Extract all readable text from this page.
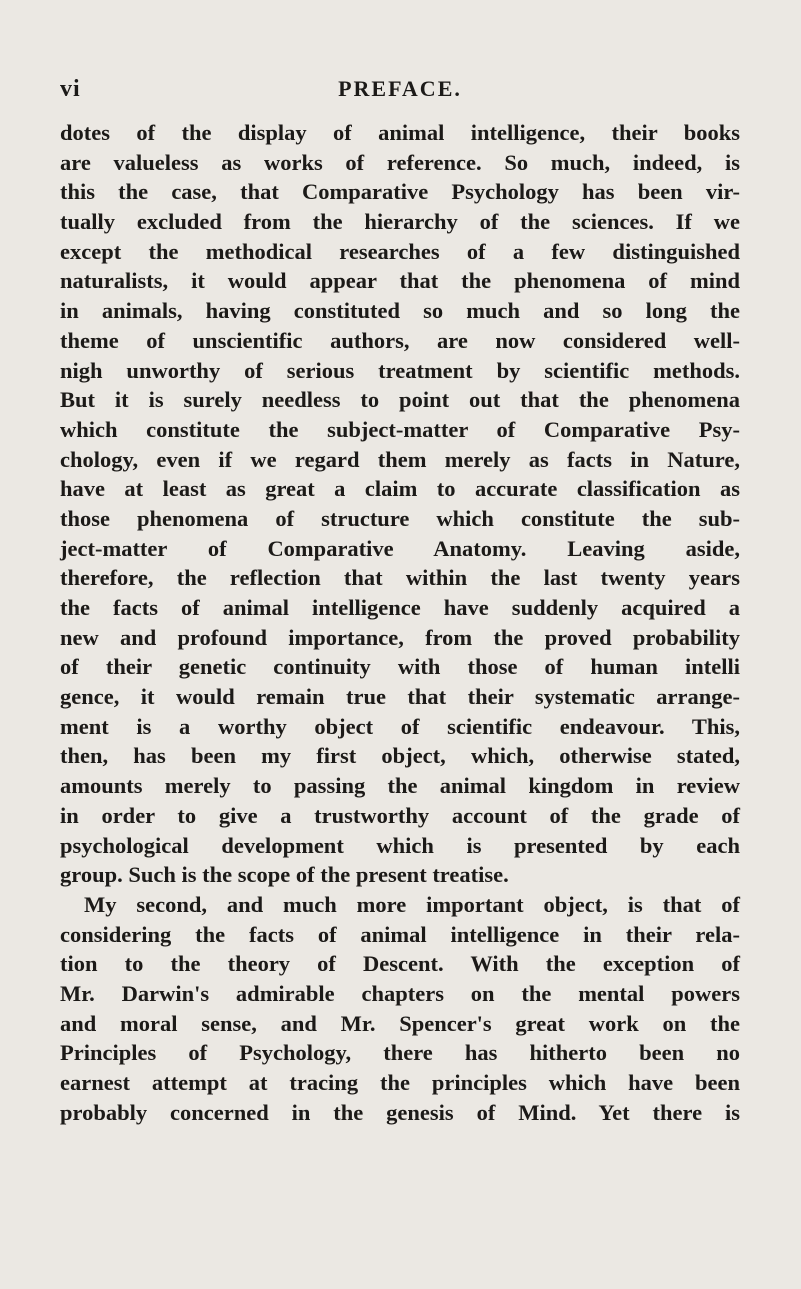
vi	PREFACE.
dotes of the display of animal intelligence, their books
are valueless as works of reference. So much, indeed, is
this the case, that Comparative Psychology has been vir-
tually excluded from the hierarchy of the sciences. If we
except the methodical researches of a few distinguished
naturalists, it would appear that the phenomena of mind
in animals, having constituted so much and so long the
theme of unscientific authors, are now considered well-
nigh unworthy of serious treatment by scientific methods.
But it is surely needless to point out that the phenomena
which constitute the subject-matter of Comparative Psy-
chology, even if we regard them merely as facts in Nature,
have at least as great a claim to accurate classification as
those phenomena of structure which constitute the sub-
ject-matter of Comparative Anatomy. Leaving aside,
therefore, the reflection that within the last twenty years
the facts of animal intelligence have suddenly acquired a
new and profound importance, from the proved probability
of their genetic continuity with those of human intelli
gence, it would remain true that their systematic arrange-
ment is a worthy object of scientific endeavour. This,
then, has been my first object, which, otherwise stated,
amounts merely to passing the animal kingdom in review
in order to give a trustworthy account of the grade of
psychological development which is presented by each
group. Such is the scope of the present treatise.
My second, and much more important object, is that of
considering the facts of animal intelligence in their rela-
tion to the theory of Descent. With the exception of
Mr. Darwin's admirable chapters on the mental powers
and moral sense, and Mr. Spencer's great work on the
Principles of Psychology, there has hitherto been no
earnest attempt at tracing the principles which have been
probably concerned in the genesis of Mind. Yet there is
